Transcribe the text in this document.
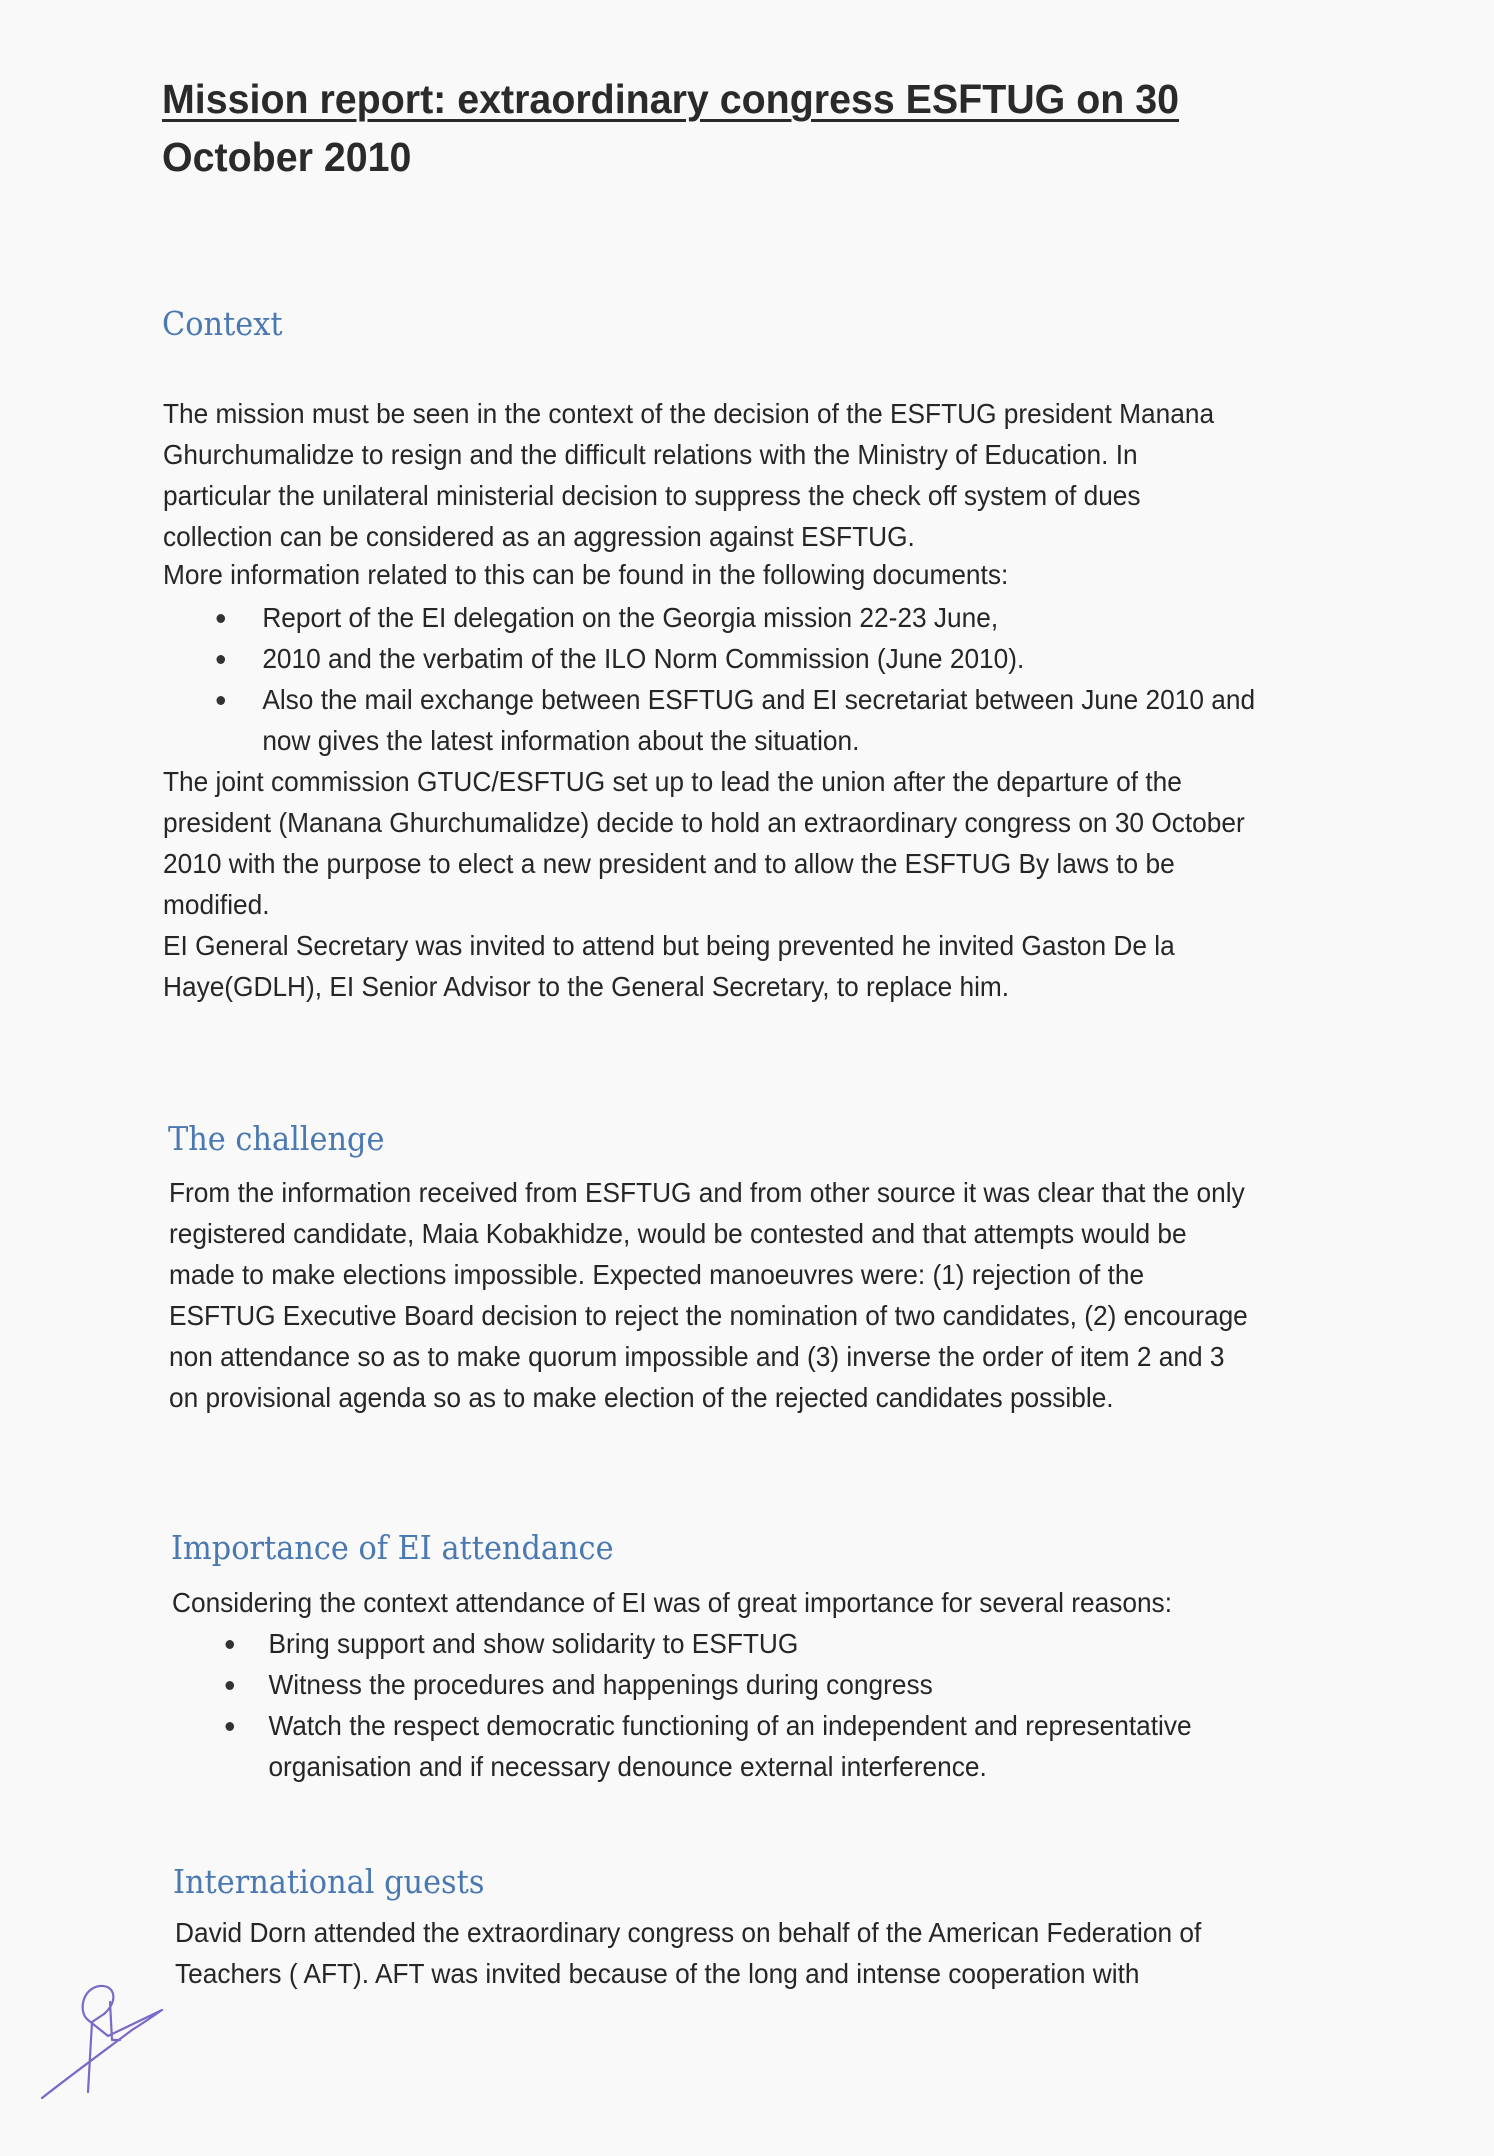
Mission report: extraordinary congress ESFTUG on 30
October 2010
Context
The mission must be seen in the context of the decision of the ESFTUG president Manana
Ghurchumalidze to resign and the difficult relations with the Ministry of Education. In
particular the unilateral ministerial decision to suppress the check off system of dues
collection can be considered as an aggression against ESFTUG.
More information related to this can be found in the following documents:
Report of the EI delegation on the Georgia mission 22-23 June,
2010 and the verbatim of the ILO Norm Commission (June 2010).
Also the mail exchange between ESFTUG and EI secretariat between June 2010 and
now gives the latest information about the situation.
The joint commission GTUC/ESFTUG set up to lead the union after the departure of the
president (Manana Ghurchumalidze) decide to hold an extraordinary congress on 30 October
2010 with the purpose to elect a new president and to allow the ESFTUG By laws to be
modified.
EI General Secretary was invited to attend but being prevented he invited Gaston De la
Haye(GDLH), EI Senior Advisor to the General Secretary, to replace him.
The challenge
From the information received from ESFTUG and from other source it was clear that the only
registered candidate, Maia Kobakhidze, would be contested and that attempts would be
made to make elections impossible. Expected manoeuvres were: (1) rejection of the
ESFTUG Executive Board decision to reject the nomination of two candidates, (2) encourage
non attendance so as to make quorum impossible and (3) inverse the order of item 2 and 3
on provisional agenda so as to make election of the rejected candidates possible.
Importance of EI attendance
Considering the context attendance of EI was of great importance for several reasons:
Bring support and show solidarity to ESFTUG
Witness the procedures and happenings during congress
Watch the respect democratic functioning of an independent and representative
organisation and if necessary denounce external interference.
International guests
David Dorn attended the extraordinary congress on behalf of the American Federation of
Teachers ( AFT). AFT was invited because of the long and intense cooperation with
